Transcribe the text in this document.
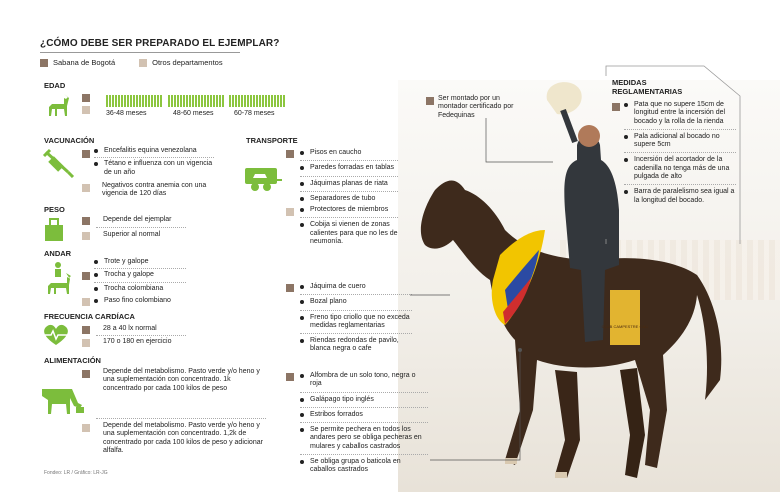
¿CÓMO DEBE SER PREPARADO EL EJEMPLAR?
Sabana de Bogotá	Otros departamentos
EDAD
36-48 meses	48-60 meses	60-78 meses
VACUNACIÓN
Encefalitis equina venezolana
Tétano e influenza con un vigencia de un año
Negativos contra anemia con una vigencia de 120 días
PESO
Depende del ejemplar
Superior al normal
ANDAR
Trote y galope
Trocha y galope
Trocha colombiana
Paso fino colombiano
FRECUENCIA CARDÍACA
28 a 40 lx normal
170 o 180 en ejercicio
ALIMENTACIÓN
Depende del metabolismo. Pasto verde y/o heno y una suplementación con concentrado. 1k concentrado por cada 100 kilos de peso
Depende del metabolismo. Pasto verde y/o heno y una suplementación con concentrado. 1,2k de concentrado por cada 100 kilos de peso y adicionar alfalfa.
Fondeo: LR / Gráfico: LR-JG
TRANSPORTE
Pisos en caucho
Paredes forradas en tablas
Jáquimas planas de riata
Separadores de tubo
Protectores de miembros
Cobija si vienen de zonas calientes para que no les de neumonía.
CLUB CAMPESTRE CALI
Ser montado por un montador certificado por Fedequinas
MEDIDAS REGLAMENTARIAS
Pata que no supere 15cm de longitud entre la incersión del bocado y la rolla de la rienda
Pala adicional al bocado no supere 5cm
Incersión del acortador de la cadenilla no tenga más de una pulgada de alto
Barra de paralelismo sea igual a la longitud del bocado.
Jáquima de cuero
Bozal plano
Freno tipo criollo que no exceda medidas reglamentarias
Riendas redondas de pavilo, blanca negra o cafe
Alfombra de un solo tono, negra o roja
Galápago tipo inglés
Estribos forrados
Se permite pechera en todos los andares pero se obliga pecheras en mulares y caballos castrados
Se obliga grupa o baticola en caballos castrados
